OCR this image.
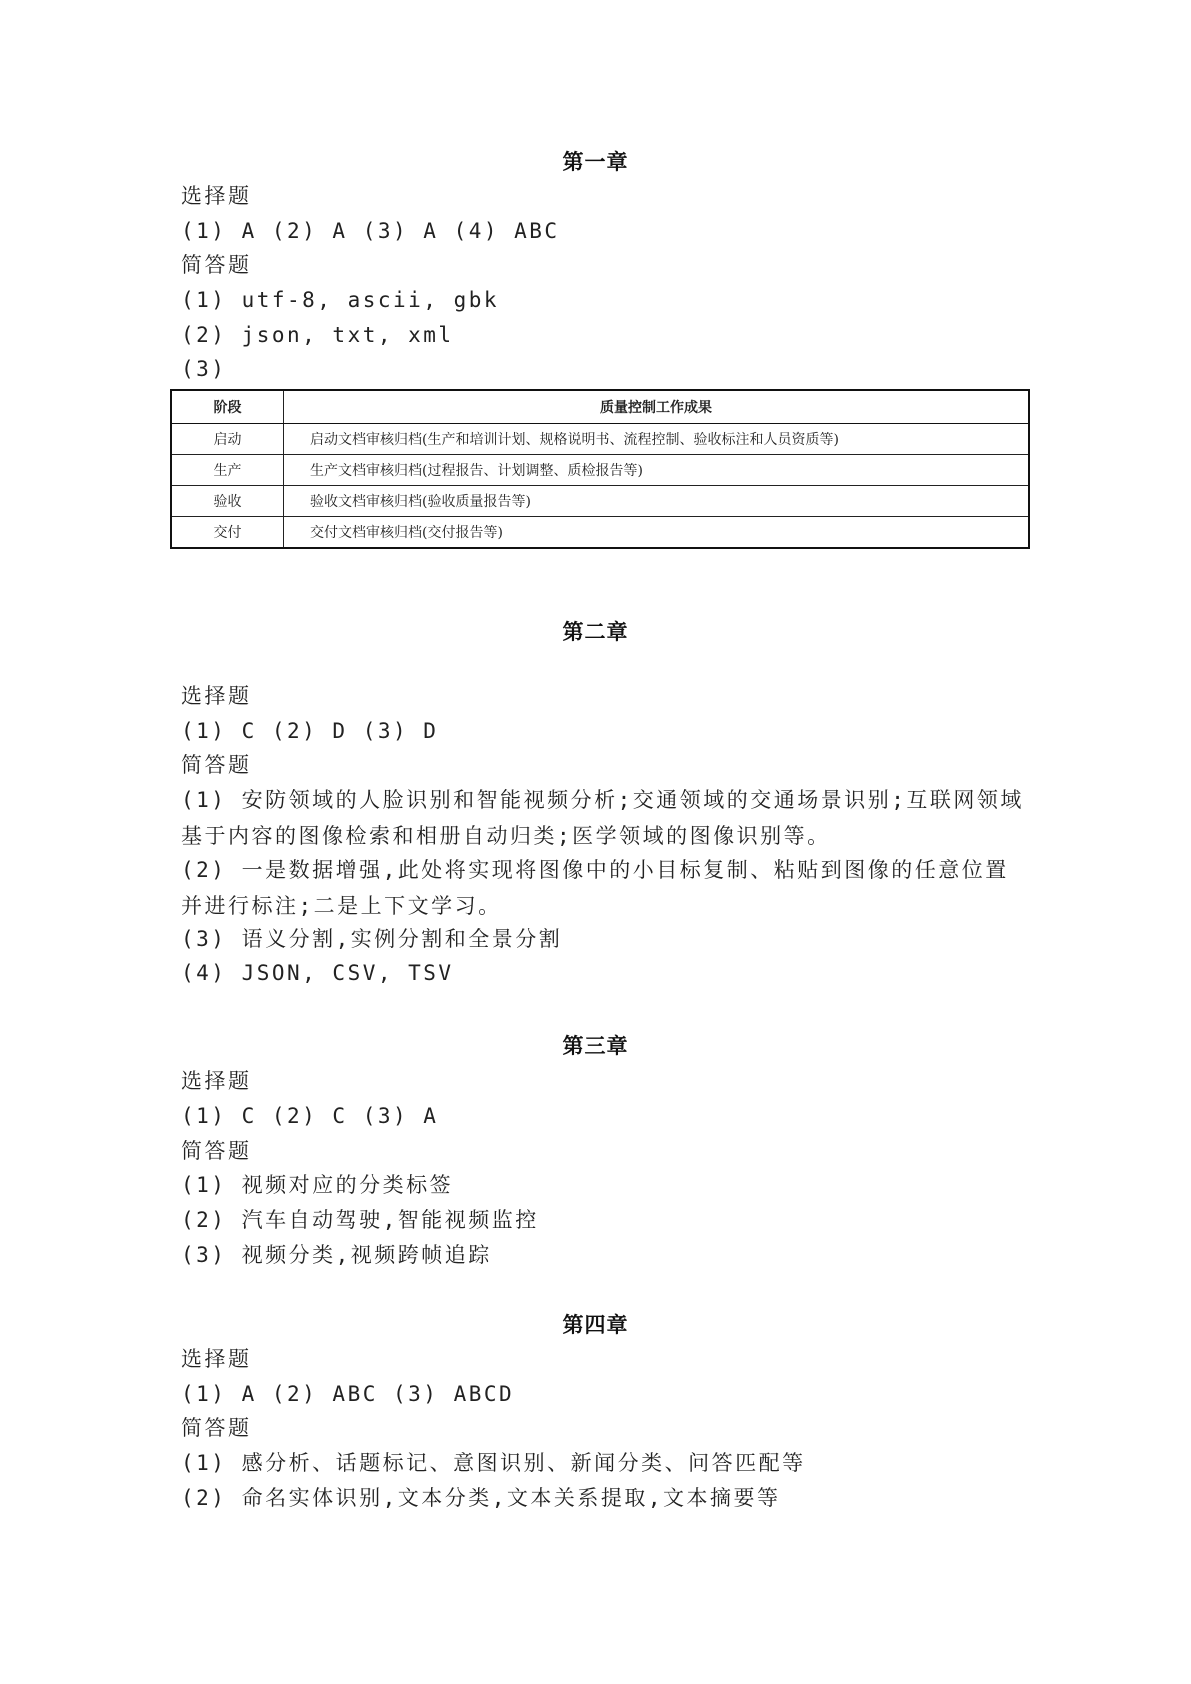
第一章

选择题

(1) A (2) A (3) A (4) ABC

简答题

(1) utf-8, ascii, gbk

(2) json, txt, xml

(3)

阶段	质量控制工作成果
启动	启动文档审核归档(生产和培训计划、规格说明书、流程控制、验收标注和人员资质等)
生产	生产文档审核归档(过程报告、计划调整、质检报告等)
验收	验收文档审核归档(验收质量报告等)
交付	交付文档审核归档(交付报告等)
第二章

选择题

(1) C (2) D (3) D

简答题

(1) 安防领域的人脸识别和智能视频分析;交通领域的交通场景识别;互联网领域基于内容的图像检索和相册自动归类;医学领域的图像识别等。

(2) 一是数据增强,此处将实现将图像中的小目标复制、粘贴到图像的任意位置并进行标注;二是上下文学习。

(3) 语义分割,实例分割和全景分割

(4) JSON, CSV, TSV

第三章

选择题

(1) C (2) C (3) A

简答题

(1) 视频对应的分类标签

(2) 汽车自动驾驶,智能视频监控

(3) 视频分类,视频跨帧追踪

第四章

选择题

(1) A (2) ABC (3) ABCD

简答题

(1) 感分析、话题标记、意图识别、新闻分类、问答匹配等

(2) 命名实体识别,文本分类,文本关系提取,文本摘要等
